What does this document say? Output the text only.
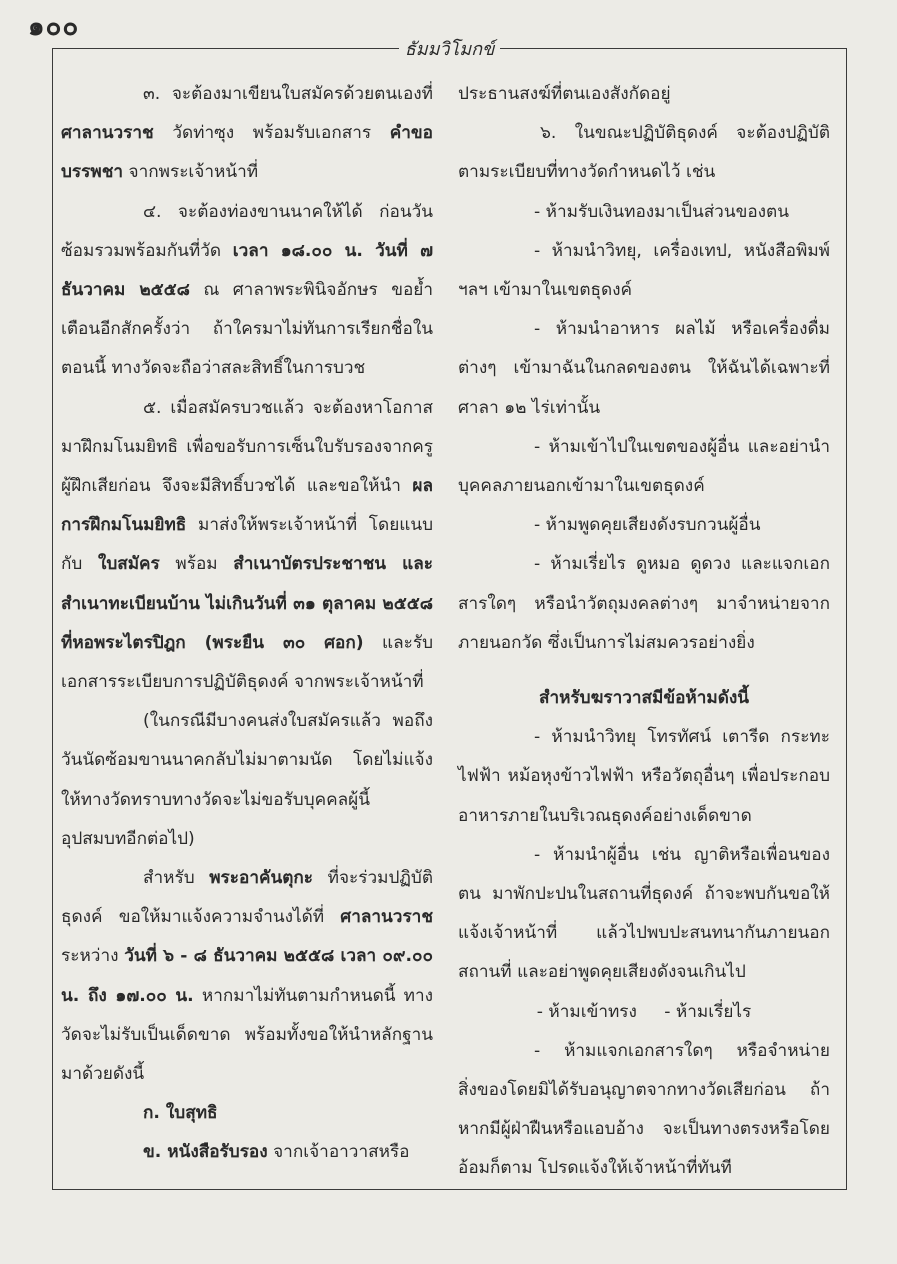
๑๐๐
ธัมมวิโมกข์

๓. จะต้องมาเขียนใบสมัครด้วยตนเองที่ ศาลานวราช วัดท่าซุง พร้อมรับเอกสาร คำขอบรรพชา จากพระเจ้าหน้าที่

๔. จะต้องท่องขานนาคให้ได้ ก่อนวันซ้อมรวมพร้อมกันที่วัด เวลา ๑๘.๐๐ น. วันที่ ๗ ธันวาคม ๒๕๕๘ ณ ศาลาพระพินิจอักษร ขอย้ำเตือนอีกสักครั้งว่า ถ้าใครมาไม่ทันการเรียกชื่อในตอนนี้ ทางวัดจะถือว่าสละสิทธิ์ในการบวช

๕. เมื่อสมัครบวชแล้ว จะต้องหาโอกาสมาฝึกมโนมยิทธิ เพื่อขอรับการเซ็นใบรับรองจากครูผู้ฝึกเสียก่อน จึงจะมีสิทธิ์บวชได้ และขอให้นำ ผลการฝึกมโนมยิทธิ มาส่งให้พระเจ้าหน้าที่ โดยแนบกับ ใบสมัคร พร้อม สำเนาบัตรประชาชน และสำเนาทะเบียนบ้าน ไม่เกินวันที่ ๓๑ ตุลาคม ๒๕๕๘ ที่หอพระไตรปิฎก (พระยืน ๓๐ ศอก) และรับเอกสารระเบียบการปฏิบัติธุดงค์ จากพระเจ้าหน้าที่

(ในกรณีมีบางคนส่งใบสมัครแล้ว พอถึงวันนัดซ้อมขานนาคกลับไม่มาตามนัด โดยไม่แจ้งให้ทางวัดทราบทางวัดจะไม่ขอรับบุคคลผู้นี้อุปสมบทอีกต่อไป)

สำหรับ พระอาคันตุกะ ที่จะร่วมปฏิบัติธุดงค์ ขอให้มาแจ้งความจำนงได้ที่ ศาลานวราช ระหว่าง วันที่ ๖ - ๘ ธันวาคม ๒๕๕๘ เวลา ๐๙.๐๐ น. ถึง ๑๗.๐๐ น. หากมาไม่ทันตามกำหนดนี้ ทางวัดจะไม่รับเป็นเด็ดขาด พร้อมทั้งขอให้นำหลักฐานมาด้วยดังนี้

ก. ใบสุทธิ

ข. หนังสือรับรอง จากเจ้าอาวาสหรือ

ประธานสงฆ์ที่ตนเองสังกัดอยู่

๖. ในขณะปฏิบัติธุดงค์ จะต้องปฏิบัติตามระเบียบที่ทางวัดกำหนดไว้ เช่น

- ห้ามรับเงินทองมาเป็นส่วนของตน

- ห้ามนำวิทยุ, เครื่องเทป, หนังสือพิมพ์ ฯลฯ เข้ามาในเขตธุดงค์

- ห้ามนำอาหาร ผลไม้ หรือเครื่องดื่มต่างๆ เข้ามาฉันในกลดของตน ให้ฉันได้เฉพาะที่ศาลา ๑๒ ไร่เท่านั้น

- ห้ามเข้าไปในเขตของผู้อื่น และอย่านำบุคคลภายนอกเข้ามาในเขตธุดงค์

- ห้ามพูดคุยเสียงดังรบกวนผู้อื่น

- ห้ามเรี่ยไร ดูหมอ ดูดวง และแจกเอกสารใดๆ หรือนำวัตถุมงคลต่างๆ มาจำหน่ายจากภายนอกวัด ซึ่งเป็นการไม่สมควรอย่างยิ่ง

สำหรับฆราวาสมีข้อห้ามดังนี้

- ห้ามนำวิทยุ โทรทัศน์ เตารีด กระทะไฟฟ้า หม้อหุงข้าวไฟฟ้า หรือวัตถุอื่นๆ เพื่อประกอบอาหารภายในบริเวณธุดงค์อย่างเด็ดขาด

- ห้ามนำผู้อื่น เช่น ญาติหรือเพื่อนของตน มาพักปะปนในสถานที่ธุดงค์ ถ้าจะพบกันขอให้แจ้งเจ้าหน้าที่ แล้วไปพบปะสนทนากันภายนอกสถานที่ และอย่าพูดคุยเสียงดังจนเกินไป

- ห้ามเข้าทรง     - ห้ามเรี่ยไร

- ห้ามแจกเอกสารใดๆ หรือจำหน่ายสิ่งของโดยมิได้รับอนุญาตจากทางวัดเสียก่อน ถ้าหากมีผู้ฝ่าฝืนหรือแอบอ้าง จะเป็นทางตรงหรือโดยอ้อมก็ตาม โปรดแจ้งให้เจ้าหน้าที่ทันที
